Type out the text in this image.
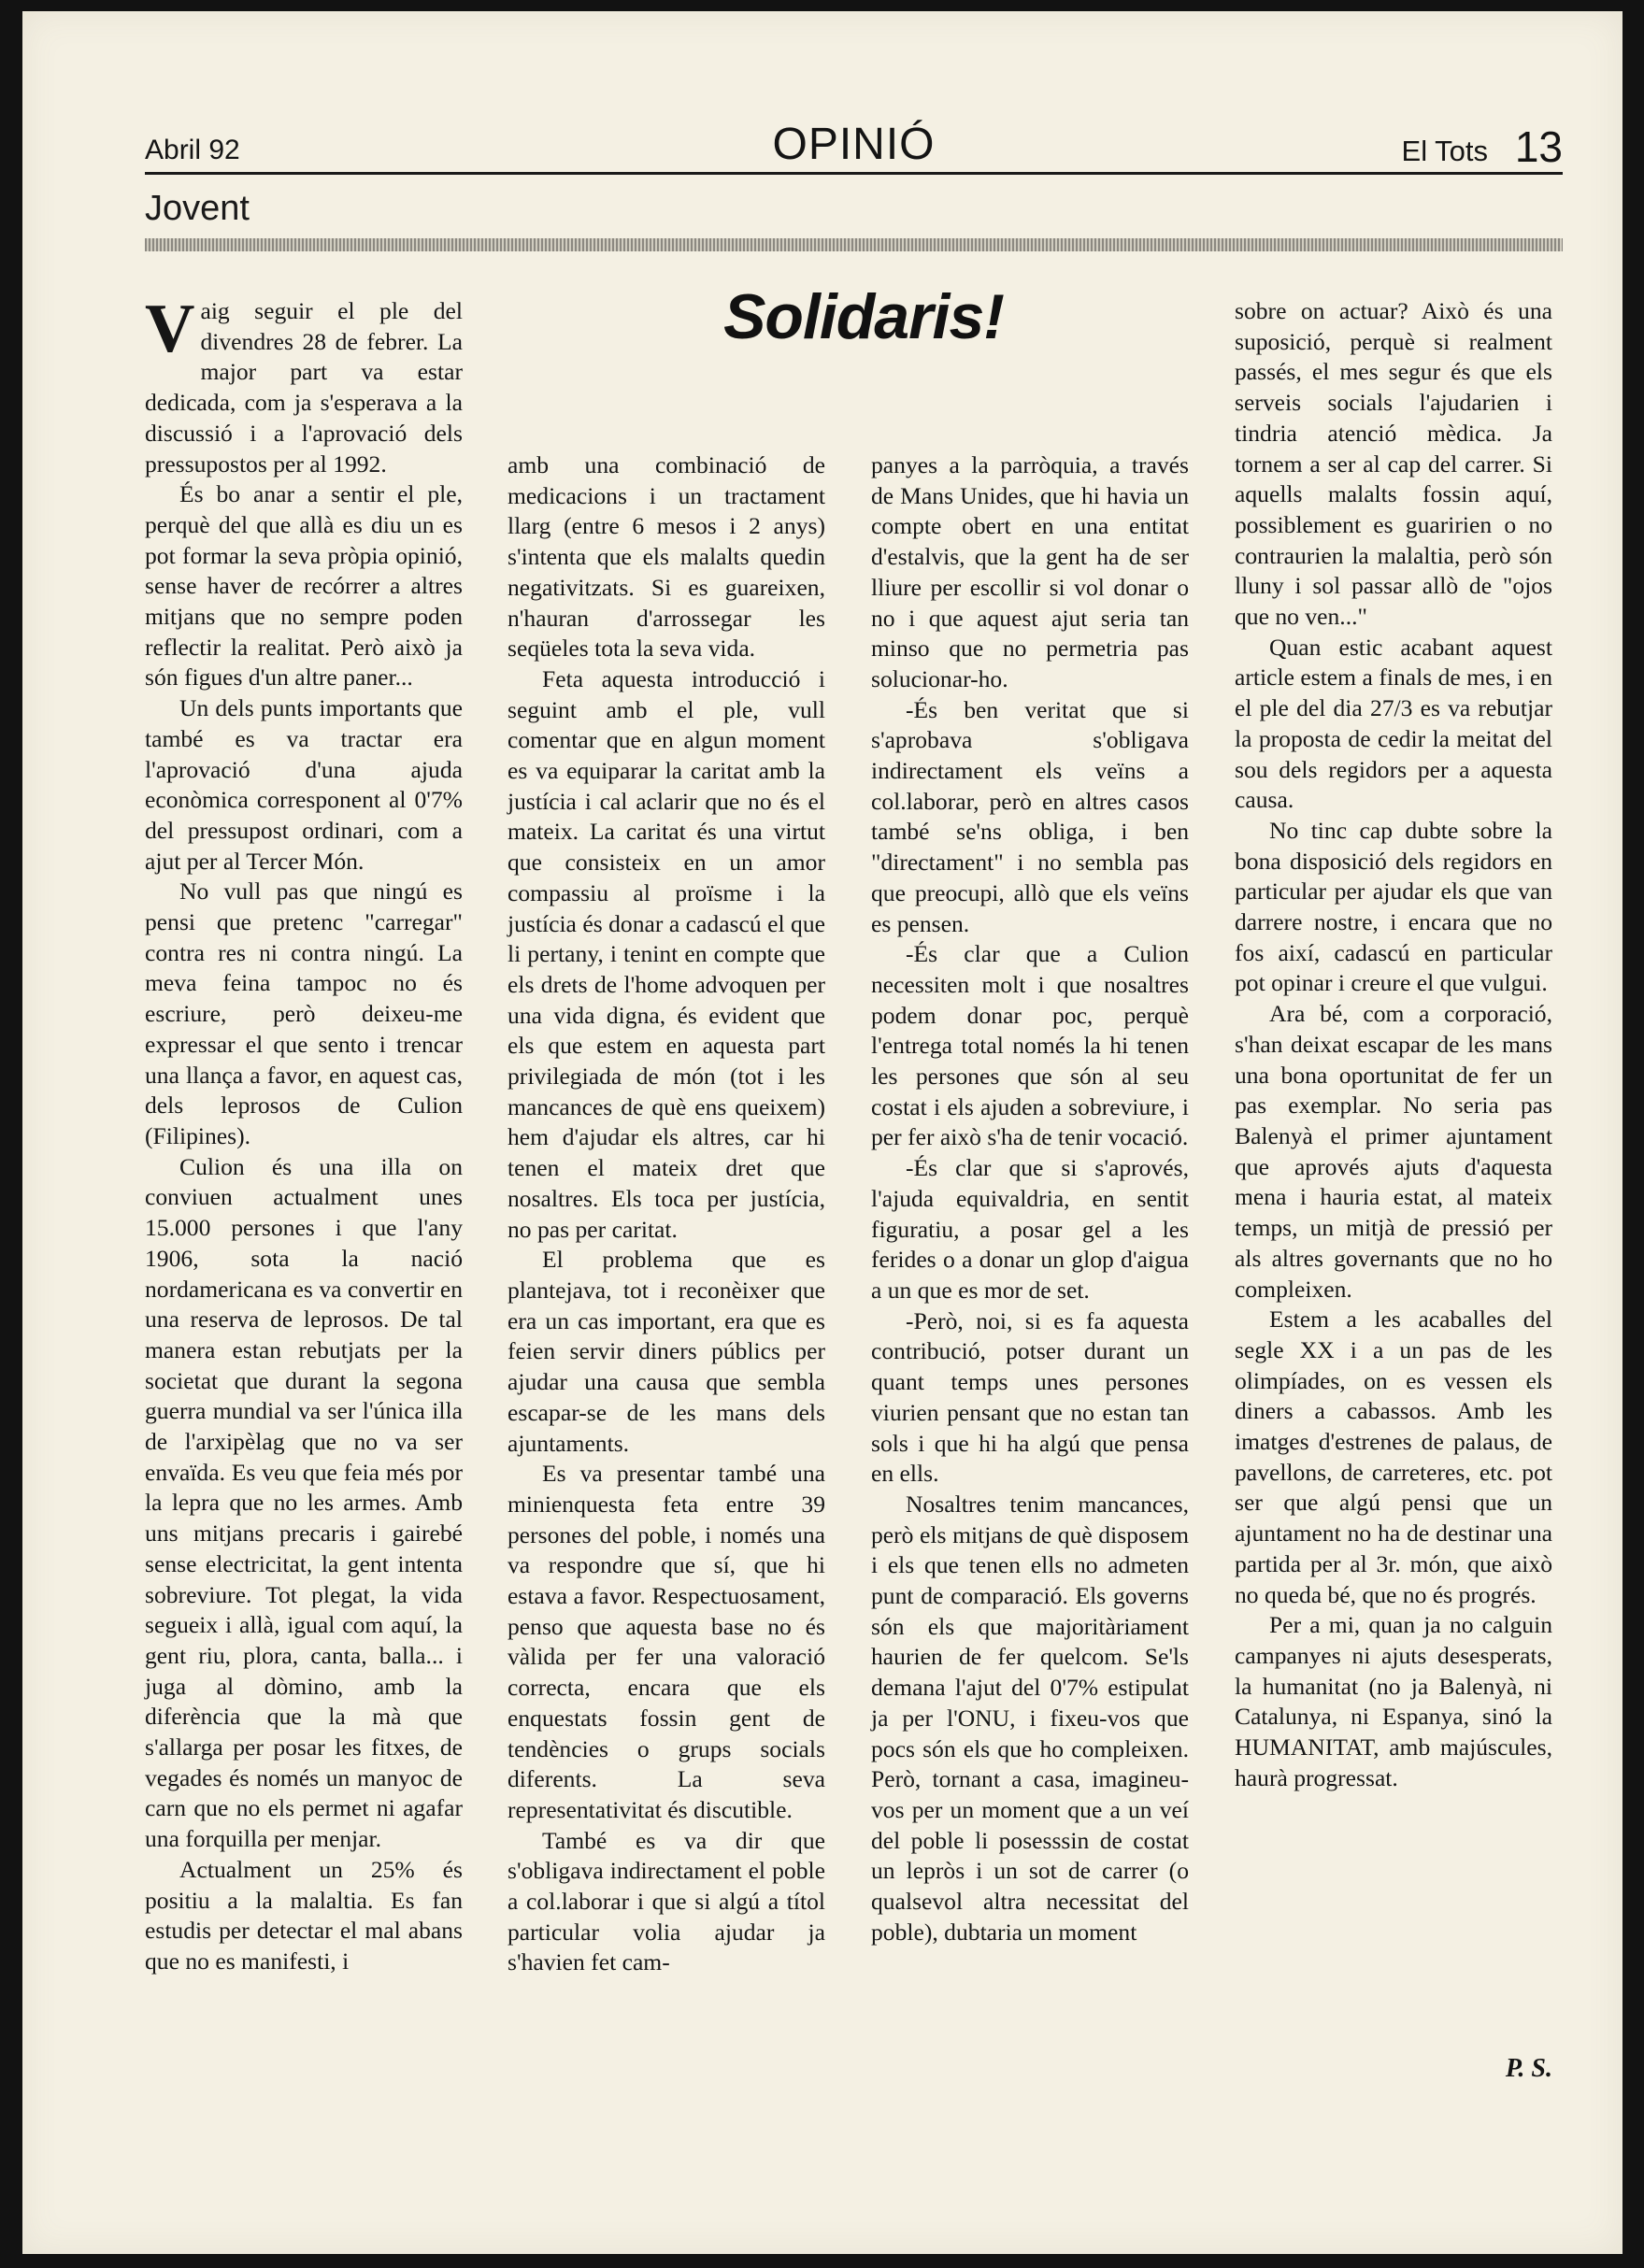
Abril 92	OPINIÓ	El Tots 13
Jovent
Solidaris!

Vaig seguir el ple del divendres 28 de febrer. La major part va estar dedicada, com ja s'esperava a la discussió i a l'aprovació dels pressupostos per al 1992.

És bo anar a sentir el ple, perquè del que allà es diu un es pot formar la seva pròpia opinió, sense haver de recórrer a altres mitjans que no sempre poden reflectir la realitat. Però això ja són figues d'un altre paner...

Un dels punts importants que també es va tractar era l'aprovació d'una ajuda econòmica corresponent al 0'7% del pressupost ordinari, com a ajut per al Tercer Món.

No vull pas que ningú es pensi que pretenc "carregar" contra res ni contra ningú. La meva feina tampoc no és escriure, però deixeu-me expressar el que sento i trencar una llança a favor, en aquest cas, dels leprosos de Culion (Filipines).

Culion és una illa on conviuen actualment unes 15.000 persones i que l'any 1906, sota la nació nordamericana es va convertir en una reserva de leprosos. De tal manera estan rebutjats per la societat que durant la segona guerra mundial va ser l'única illa de l'arxipèlag que no va ser envaïda. Es veu que feia més por la lepra que no les armes. Amb uns mitjans precaris i gairebé sense electricitat, la gent intenta sobreviure. Tot plegat, la vida segueix i allà, igual com aquí, la gent riu, plora, canta, balla... i juga al dòmino, amb la diferència que la mà que s'allarga per posar les fitxes, de vegades és només un manyoc de carn que no els permet ni agafar una forquilla per menjar.

Actualment un 25% és positiu a la malaltia. Es fan estudis per detectar el mal abans que no es manifesti, i

amb una combinació de medicacions i un tractament llarg (entre 6 mesos i 2 anys) s'intenta que els malalts quedin negativitzats. Si es guareixen, n'hauran d'arrossegar les seqüeles tota la seva vida.

Feta aquesta introducció i seguint amb el ple, vull comentar que en algun moment es va equiparar la caritat amb la justícia i cal aclarir que no és el mateix. La caritat és una virtut que consisteix en un amor compassiu al proïsme i la justícia és donar a cadascú el que li pertany, i tenint en compte que els drets de l'home advoquen per una vida digna, és evident que els que estem en aquesta part privilegiada de món (tot i les mancances de què ens queixem) hem d'ajudar els altres, car hi tenen el mateix dret que nosaltres. Els toca per justícia, no pas per caritat.

El problema que es plantejava, tot i reconèixer que era un cas important, era que es feien servir diners públics per ajudar una causa que sembla escapar-se de les mans dels ajuntaments.

Es va presentar també una minienquesta feta entre 39 persones del poble, i només una va respondre que sí, que hi estava a favor. Respectuosament, penso que aquesta base no és vàlida per fer una valoració correcta, encara que els enquestats fossin gent de tendències o grups socials diferents. La seva representativitat és discutible.

També es va dir que s'obligava indirectament el poble a col.laborar i que si algú a títol particular volia ajudar ja s'havien fet cam-

panyes a la parròquia, a través de Mans Unides, que hi havia un compte obert en una entitat d'estalvis, que la gent ha de ser lliure per escollir si vol donar o no i que aquest ajut seria tan minso que no permetria pas solucionar-ho.

-És ben veritat que si s'aprobava s'obligava indirectament els veïns a col.laborar, però en altres casos també se'ns obliga, i ben "directament" i no sembla pas que preocupi, allò que els veïns es pensen.

-És clar que a Culion necessiten molt i que nosaltres podem donar poc, perquè l'entrega total només la hi tenen les persones que són al seu costat i els ajuden a sobreviure, i per fer això s'ha de tenir vocació.

-És clar que si s'aprovés, l'ajuda equivaldria, en sentit figuratiu, a posar gel a les ferides o a donar un glop d'aigua a un que es mor de set.

-Però, noi, si es fa aquesta contribució, potser durant un quant temps unes persones viurien pensant que no estan tan sols i que hi ha algú que pensa en ells.

Nosaltres tenim mancances, però els mitjans de què disposem i els que tenen ells no admeten punt de comparació. Els governs són els que majoritàriament haurien de fer quelcom. Se'ls demana l'ajut del 0'7% estipulat ja per l'ONU, i fixeu-vos que pocs són els que ho compleixen. Però, tornant a casa, imagineu-vos per un moment que a un veí del poble li posesssin de costat un lepròs i un sot de carrer (o qualsevol altra necessitat del poble), dubtaria un moment

sobre on actuar? Això és una suposició, perquè si realment passés, el mes segur és que els serveis socials l'ajudarien i tindria atenció mèdica. Ja tornem a ser al cap del carrer. Si aquells malalts fossin aquí, possiblement es guaririen o no contraurien la malaltia, però són lluny i sol passar allò de "ojos que no ven..."

Quan estic acabant aquest article estem a finals de mes, i en el ple del dia 27/3 es va rebutjar la proposta de cedir la meitat del sou dels regidors per a aquesta causa.

No tinc cap dubte sobre la bona disposició dels regidors en particular per ajudar els que van darrere nostre, i encara que no fos així, cadascú en particular pot opinar i creure el que vulgui.

Ara bé, com a corporació, s'han deixat escapar de les mans una bona oportunitat de fer un pas exemplar. No seria pas Balenyà el primer ajuntament que aprovés ajuts d'aquesta mena i hauria estat, al mateix temps, un mitjà de pressió per als altres governants que no ho compleixen.

Estem a les acaballes del segle XX i a un pas de les olimpíades, on es vessen els diners a cabassos. Amb les imatges d'estrenes de palaus, de pavellons, de carreteres, etc. pot ser que algú pensi que un ajuntament no ha de destinar una partida per al 3r. món, que això no queda bé, que no és progrés.

Per a mi, quan ja no calguin campanyes ni ajuts desesperats, la humanitat (no ja Balenyà, ni Catalunya, ni Espanya, sinó la HUMANITAT, amb majúscules, haurà progressat.

P. S.
